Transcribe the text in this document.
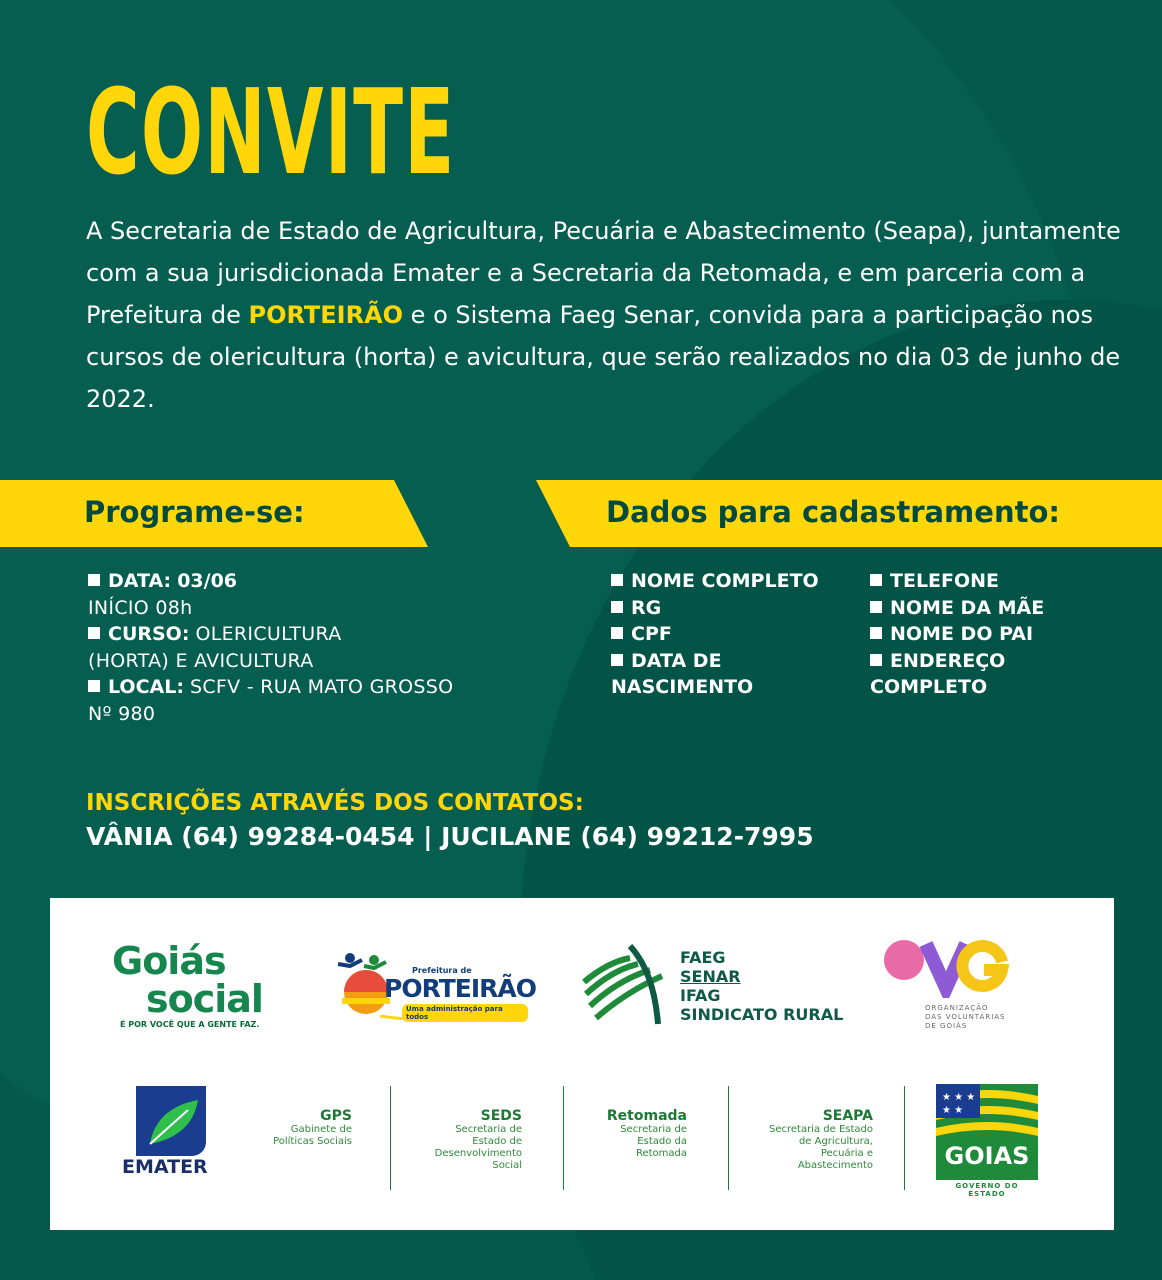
CONVITE

A Secretaria de Estado de Agricultura, Pecuária e Abastecimento (Seapa), juntamente com a sua jurisdicionada Emater e a Secretaria da Retomada, e em parceria com a Prefeitura de PORTEIRÃO e o Sistema Faeg Senar, convida para a participação nos cursos de olericultura (horta) e avicultura, que serão realizados no dia 03 de junho de 2022.

Programe-se:	Dados para cadastramento:
DATA: 03/06
INÍCIO 08h
CURSO: OLERICULTURA
(HORTA) E AVICULTURA
LOCAL: SCFV - RUA MATO GROSSO
Nº 980
NOME COMPLETO
RG
CPF
DATA DE
NASCIMENTO
TELEFONE
NOME DA MÃE
NOME DO PAI
ENDEREÇO
COMPLETO
INSCRIÇÕES ATRAVÉS DOS CONTATOS:
VÂNIA (64) 99284-0454 | JUCILANE (64) 99212-7995
Goiás
social
É POR VOCÊ QUE A GENTE FAZ.
Prefeitura de
PORTEIRÃO
Uma administração para todos
FAEG
SENAR
IFAG
SINDICATO RURAL	ORGANIZAÇÃO
DAS VOLUNTÁRIAS
DE GOIÁS
EMATER
GPS
Gabinete de
Políticas Sociais
SEDS
Secretaria de
Estado de
Desenvolvimento
Social
Retomada
Secretaria de
Estado da
Retomada
SEAPA
Secretaria de Estado
de Agricultura,
Pecuária e
Abastecimento
★ ★ ★
★ ★
GOIAS
GOVERNO DO ESTADO
